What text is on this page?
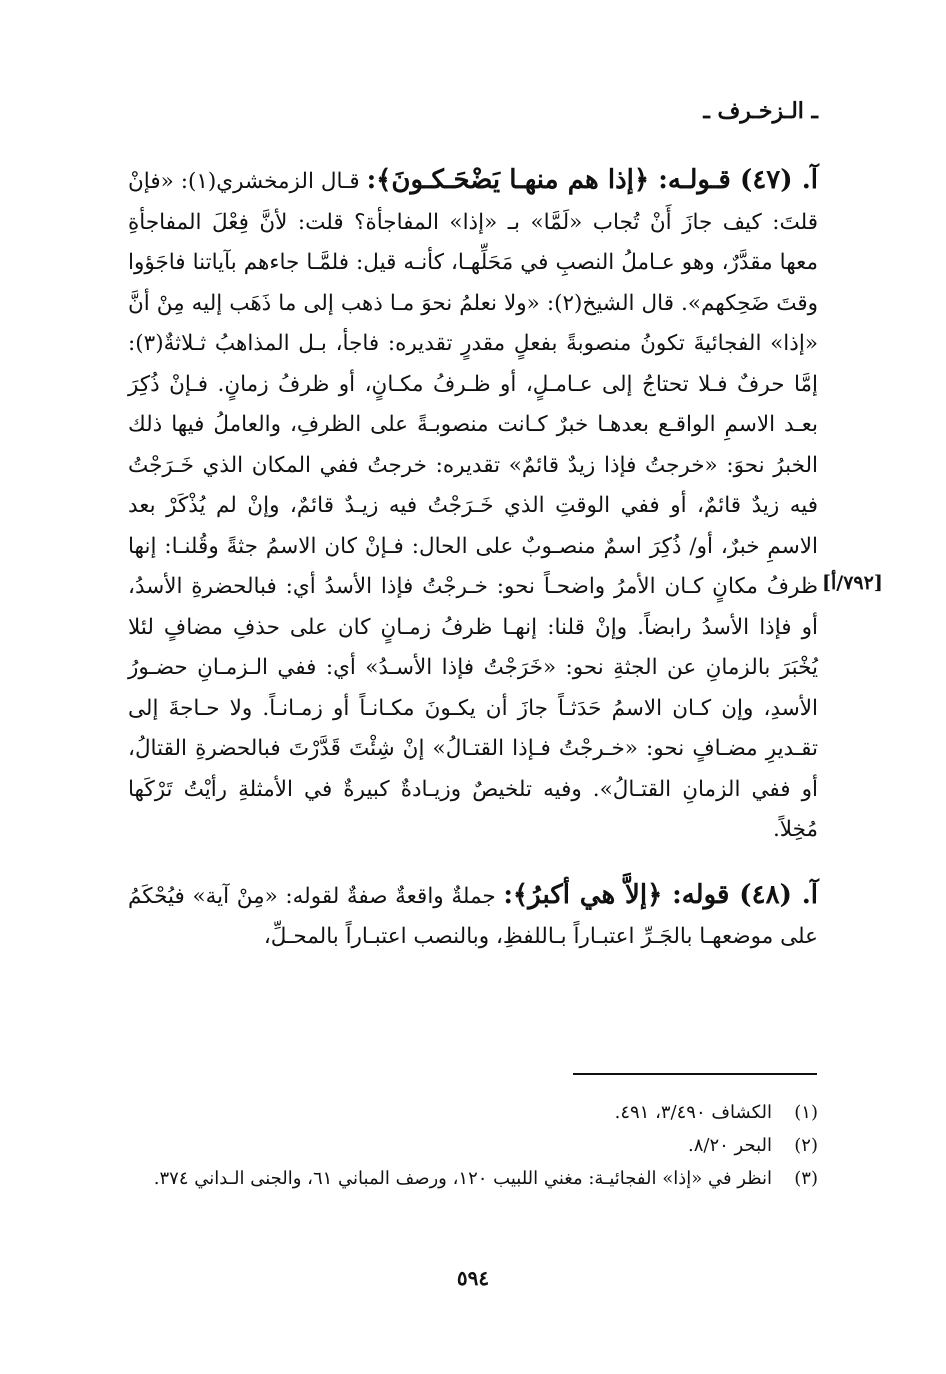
ـ الـزخـرف ـ
[٧٩٢/أ]

آ. (٤٧) قـولـه: ﴿إذا هم منهـا يَضْحَـكـونَ﴾: قـال الزمخشري(١): «فإنْ قلتَ: كيف جازَ أَنْ تُجاب «لَمَّا» بـ «إذا» المفاجأة؟ قلت: لأنَّ فِعْلَ المفاجأةِ معها مقدَّرٌ، وهو عـاملُ النصبِ في مَحَلِّهـا، كأنـه قيل: فلمَّـا جاءهم بآياتنا فاجَؤوا وقتَ ضَحِكهم». قال الشيخ(٢): «ولا نعلمُ نحوَ مـا ذهب إلى ما ذَهَب إليه مِنْ أنَّ «إذا» الفجائيةَ تكونُ منصوبةً بفعلٍ مقدرٍ تقديره: فاجأ، بـل المذاهبُ ثـلاثةٌ(٣): إمَّا حرفٌ فـلا تحتاجُ إلى عـامـلٍ، أو ظـرفُ مكـانٍ، أو ظرفُ زمانٍ. فـإنْ ذُكِرَ بعـد الاسمِ الواقـع بعدهـا خبرٌ كـانت منصوبـةً على الظرفِ، والعاملُ فيها ذلك الخبرُ نحوَ: «خرجتُ فإذا زيدٌ قائمٌ» تقديره: خرجتُ ففي المكان الذي خَـرَجْتُ فيه زيدٌ قائمٌ، أو ففي الوقتِ الذي خَـرَجْتُ فيه زيـدٌ قائمٌ، وإنْ لم يُذْكَرْ بعد الاسمِ خبرٌ، أو/ ذُكِرَ اسمٌ منصـوبٌ على الحال: فـإنْ كان الاسمُ جثةً وقُلنـا: إنها ظرفُ مكانٍ كـان الأمرُ واضحـاً نحو: خـرجْتُ فإذا الأسدُ أي: فبالحضرةِ الأسدُ، أو فإذا الأسدُ رابضاً. وإنْ قلنا: إنهـا ظرفُ زمـانٍ كان على حذفِ مضافٍ لئلا يُخْبَرَ بالزمانِ عن الجثةِ نحو: «خَرَجْتُ فإذا الأسـدُ» أي: ففي الـزمـانِ حضـورُ الأسدِ، وإن كـان الاسمُ حَدَثـاً جازَ أن يكـونَ مكـانـاً أو زمـانـاً. ولا حـاجةَ إلى تقـديرِ مضـافٍ نحو: «خـرجْتُ فـإذا القتـالُ» إنْ شِئْتَ قَدَّرْتَ فبالحضرةِ القتالُ، أو ففي الزمانِ القتـالُ». وفيه تلخيصٌ وزيـادةٌ كبيرةٌ في الأمثلةِ رأيْتُ تَرْكَها مُخِلاً.

آ. (٤٨) قوله: ﴿إلاَّ هي أكبرُ﴾: جملةٌ واقعةٌ صفةٌ لقوله: «مِنْ آية» فيُحْكَمُ على موضعهـا بالجَـرِّ اعتبـاراً بـاللفظِ، وبالنصب اعتبـاراً بالمحـلِّ،

(١)
الكشاف ٣/٤٩٠، ٤٩١.
(٢)
البحر ٨/٢٠.
(٣)
انظر في «إذا» الفجائيـة: مغني اللبيب ١٢٠، ورصف المباني ٦١، والجنى الـداني ٣٧٤.
٥٩٤
